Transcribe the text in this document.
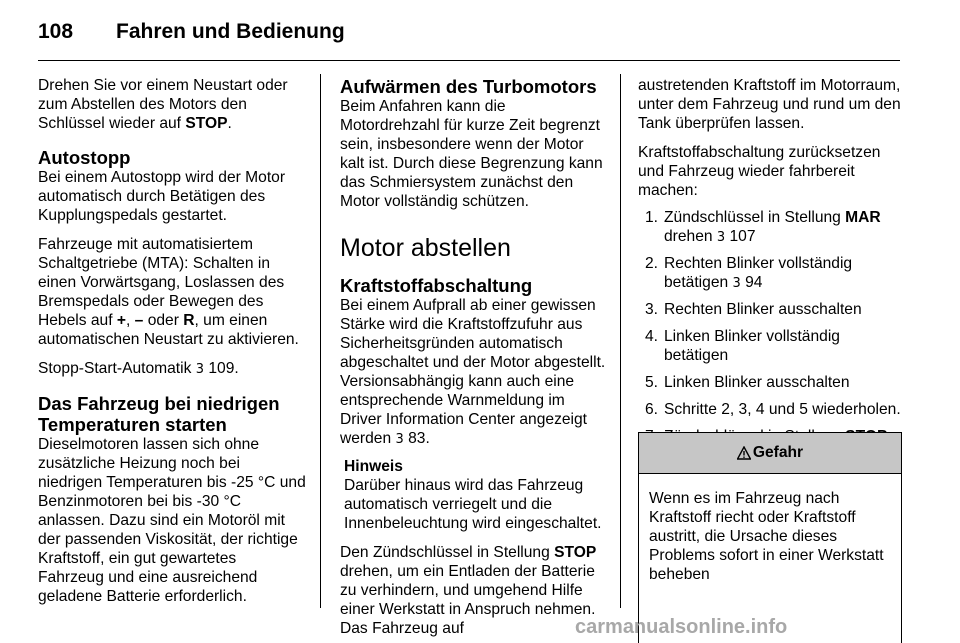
108 Fahren und Bedienung

Drehen Sie vor einem Neustart oder zum Abstellen des Motors den Schlüssel wieder auf STOP.

Autostopp

Bei einem Autostopp wird der Motor automatisch durch Betätigen des Kupplungspedals gestartet.

Fahrzeuge mit automatisiertem Schaltgetriebe (MTA): Schalten in einen Vorwärtsgang, Loslassen des Bremspedals oder Bewegen des Hebels auf +, – oder R, um einen automatischen Neustart zu aktivieren.

Stopp-Start-Automatik 3 109.

Das Fahrzeug bei niedrigen Temperaturen starten

Dieselmotoren lassen sich ohne zusätzliche Heizung noch bei niedrigen Temperaturen bis -25 °C und Benzinmotoren bei bis -30 °C anlassen. Dazu sind ein Motoröl mit der passenden Viskosität, der richtige Kraftstoff, ein gut gewartetes Fahrzeug und eine ausreichend geladene Batterie erforderlich.

Aufwärmen des Turbomotors

Beim Anfahren kann die Motordrehzahl für kurze Zeit begrenzt sein, insbesondere wenn der Motor kalt ist. Durch diese Begrenzung kann das Schmiersystem zunächst den Motor vollständig schützen.

Motor abstellen
Kraftstoffabschaltung

Bei einem Aufprall ab einer gewissen Stärke wird die Kraftstoffzufuhr aus Sicherheitsgründen automatisch abgeschaltet und der Motor abgestellt. Versionsabhängig kann auch eine entsprechende Warnmeldung im Driver Information Center angezeigt werden 3 83.

Hinweis

Darüber hinaus wird das Fahrzeug automatisch verriegelt und die Innenbeleuchtung wird eingeschaltet.

Den Zündschlüssel in Stellung STOP drehen, um ein Entladen der Batterie zu verhindern, und umgehend Hilfe einer Werkstatt in Anspruch nehmen. Das Fahrzeug auf

austretenden Kraftstoff im Motorraum, unter dem Fahrzeug und rund um den Tank überprüfen lassen.

Kraftstoffabschaltung zurücksetzen und Fahrzeug wieder fahrbereit machen:

1. Zündschlüssel in Stellung MAR drehen 3 107
2. Rechten Blinker vollständig betätigen 3 94
3. Rechten Blinker ausschalten
4. Linken Blinker vollständig betätigen
5. Linken Blinker ausschalten
6. Schritte 2, 3, 4 und 5 wiederholen.
Gefahr
Wenn es im Fahrzeug nach Kraftstoff riecht oder Kraftstoff austritt, die Ursache dieses Problems sofort in einer Werkstatt beheben
carmanualsonline.info
